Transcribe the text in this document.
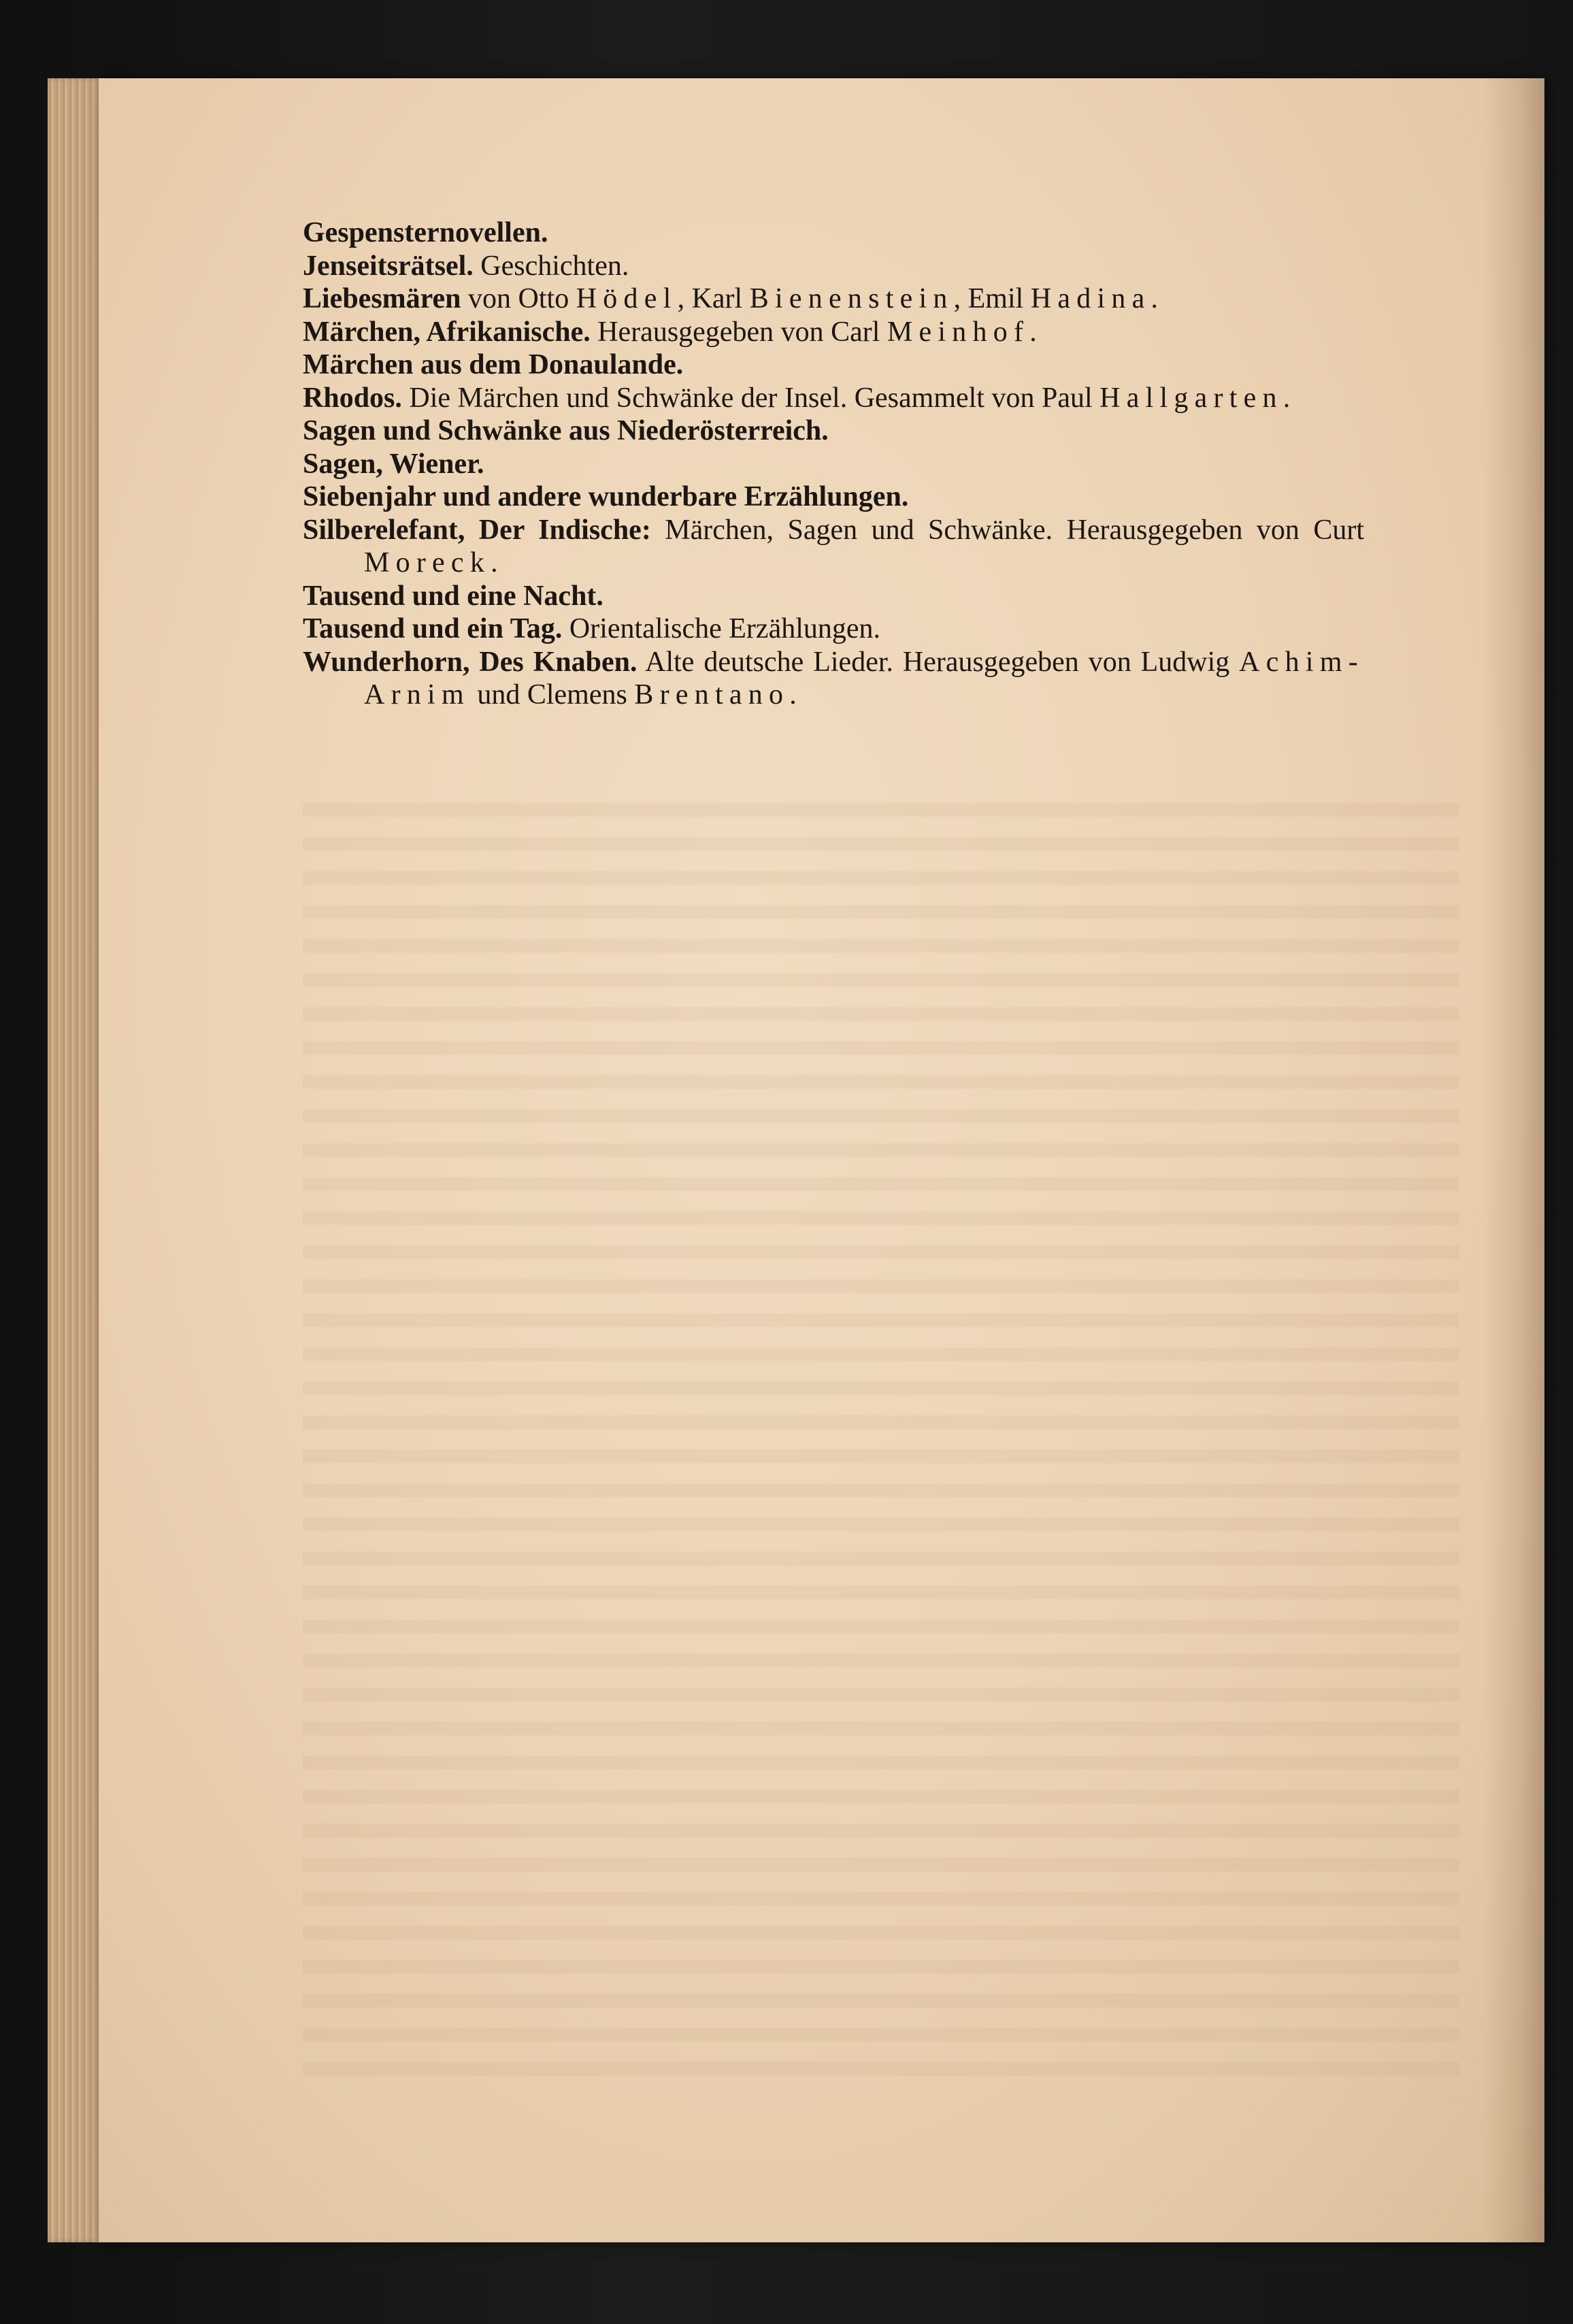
Gespensternovellen.

Jenseitsrätsel. Geschichten.

Liebesmären von Otto Hödel, Karl Bienenstein, Emil Hadina.

Märchen, Afrikanische. Herausgegeben von Carl Meinhof.

Märchen aus dem Donaulande.

Rhodos. Die Märchen und Schwänke der Insel. Gesammelt von Paul Hallgarten.

Sagen und Schwänke aus Niederösterreich.

Sagen, Wiener.

Siebenjahr und andere wunderbare Erzählungen.

Silberelefant, Der Indische: Märchen, Sagen und Schwänke. Herausgegeben von Curt Moreck.

Tausend und eine Nacht.

Tausend und ein Tag. Orientalische Erzählungen.

Wunderhorn, Des Knaben. Alte deutsche Lieder. Herausgegeben von Ludwig Achim-Arnim und Clemens Brentano.
